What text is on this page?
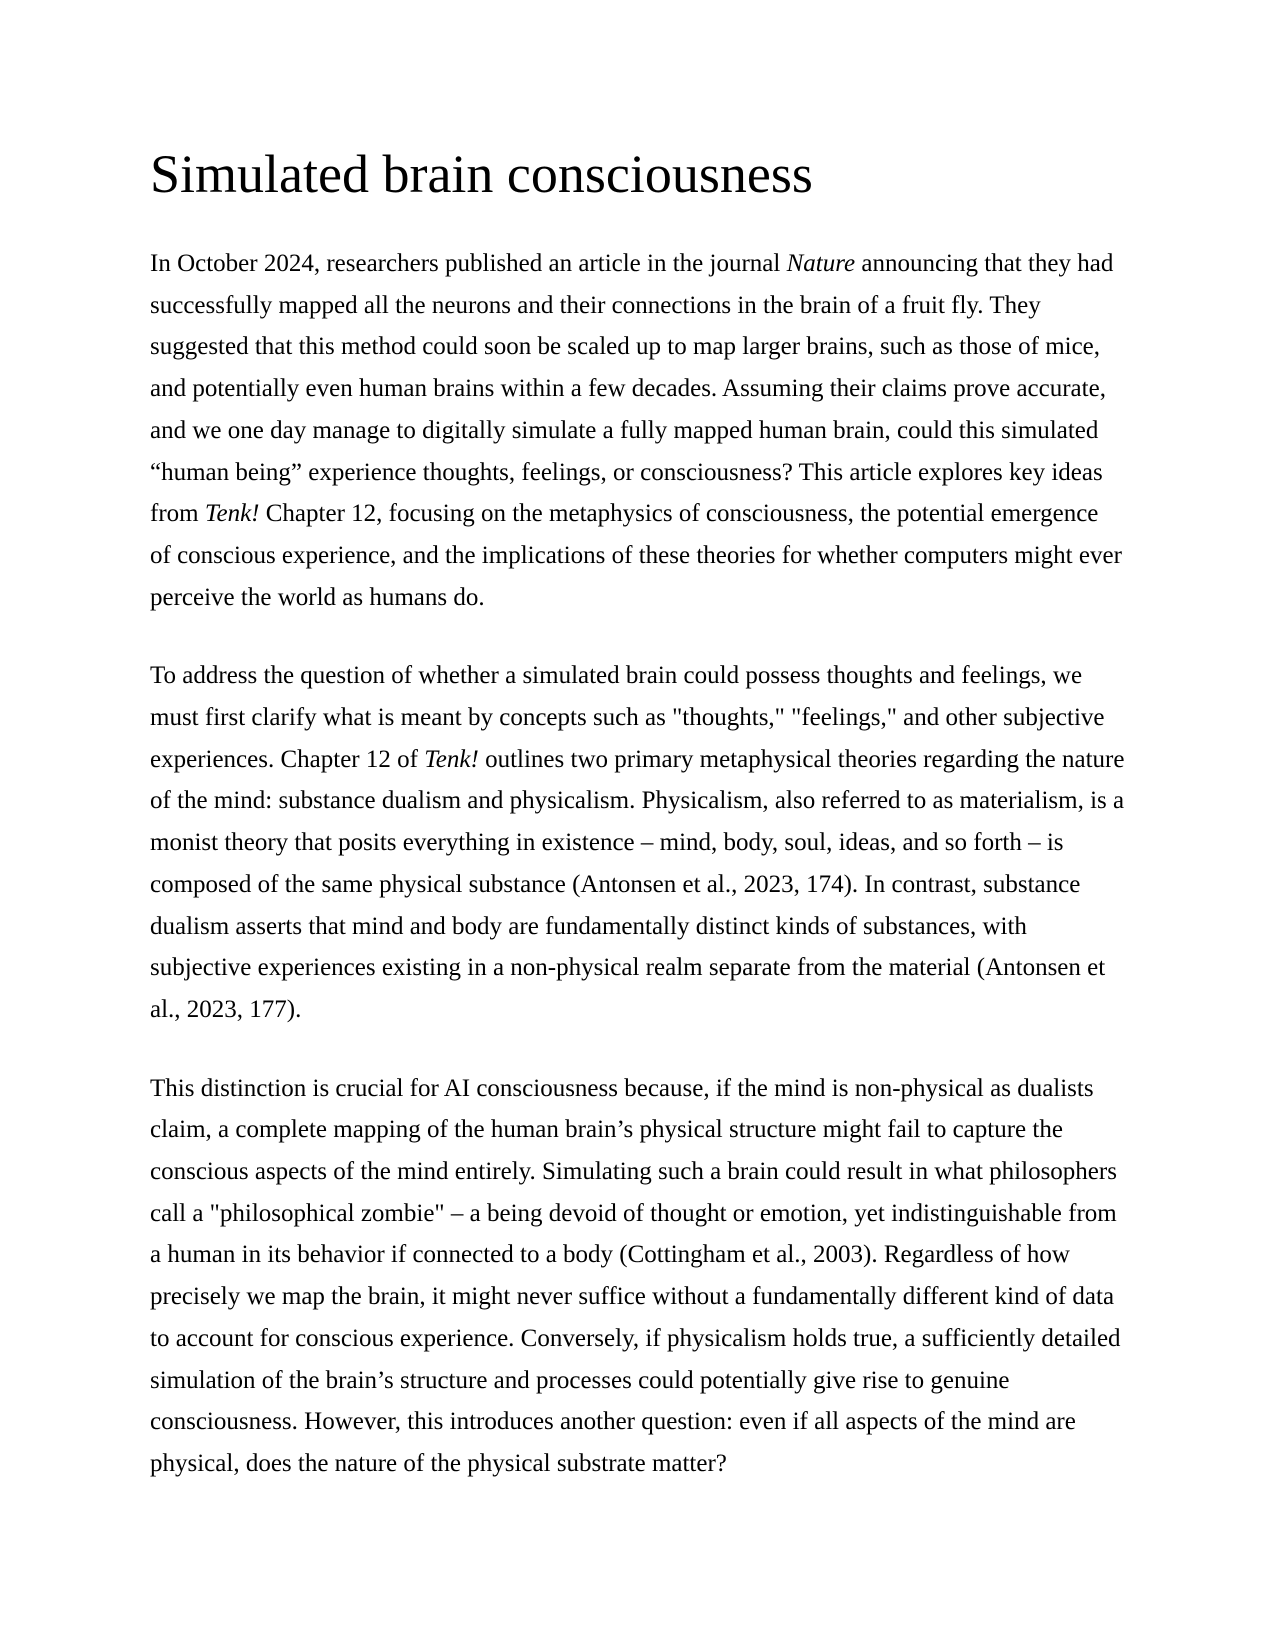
Simulated brain consciousness

In October 2024, researchers published an article in the journal Nature announcing that they had
successfully mapped all the neurons and their connections in the brain of a fruit fly. They
suggested that this method could soon be scaled up to map larger brains, such as those of mice,
and potentially even human brains within a few decades. Assuming their claims prove accurate,
and we one day manage to digitally simulate a fully mapped human brain, could this simulated
“human being” experience thoughts, feelings, or consciousness? This article explores key ideas
from Tenk! Chapter 12, focusing on the metaphysics of consciousness, the potential emergence
of conscious experience, and the implications of these theories for whether computers might ever
perceive the world as humans do.

To address the question of whether a simulated brain could possess thoughts and feelings, we
must first clarify what is meant by concepts such as "thoughts," "feelings," and other subjective
experiences. Chapter 12 of Tenk! outlines two primary metaphysical theories regarding the nature
of the mind: substance dualism and physicalism. Physicalism, also referred to as materialism, is a
monist theory that posits everything in existence – mind, body, soul, ideas, and so forth – is
composed of the same physical substance (Antonsen et al., 2023, 174). In contrast, substance
dualism asserts that mind and body are fundamentally distinct kinds of substances, with
subjective experiences existing in a non-physical realm separate from the material (Antonsen et
al., 2023, 177).

This distinction is crucial for AI consciousness because, if the mind is non-physical as dualists
claim, a complete mapping of the human brain’s physical structure might fail to capture the
conscious aspects of the mind entirely. Simulating such a brain could result in what philosophers
call a "philosophical zombie" – a being devoid of thought or emotion, yet indistinguishable from
a human in its behavior if connected to a body (Cottingham et al., 2003). Regardless of how
precisely we map the brain, it might never suffice without a fundamentally different kind of data
to account for conscious experience. Conversely, if physicalism holds true, a sufficiently detailed
simulation of the brain’s structure and processes could potentially give rise to genuine
consciousness. However, this introduces another question: even if all aspects of the mind are
physical, does the nature of the physical substrate matter?
